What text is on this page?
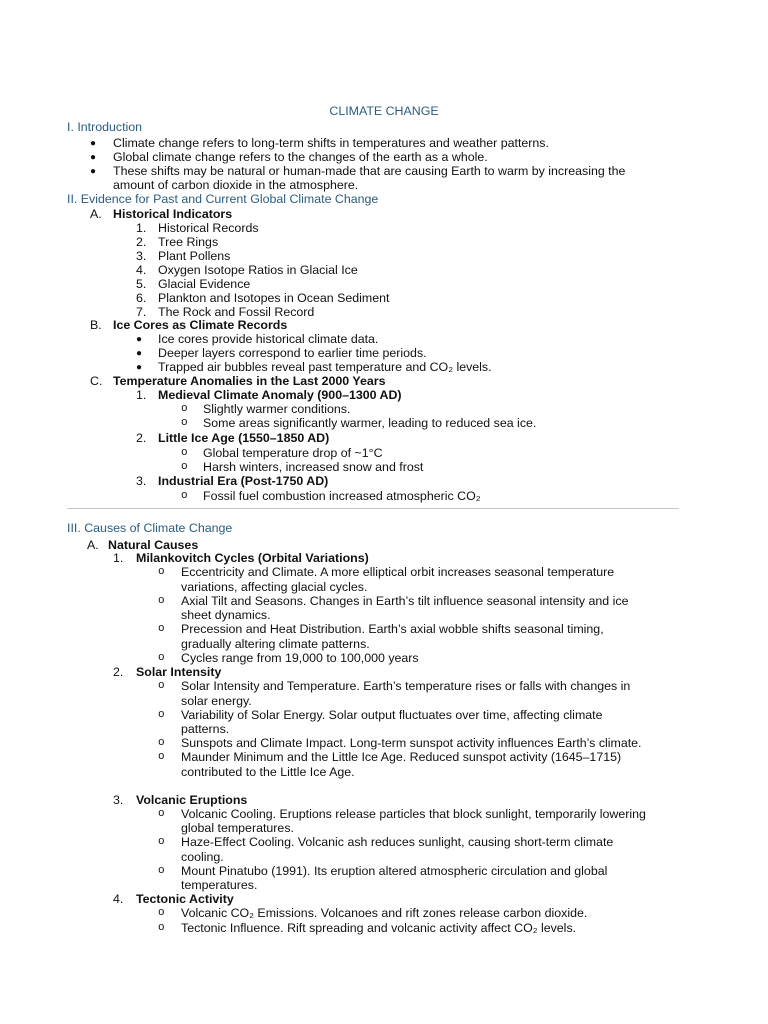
CLIMATE CHANGE
I. Introduction
● Climate change refers to long-term shifts in temperatures and weather patterns.
● Global climate change refers to the changes of the earth as a whole.
● These shifts may be natural or human-made that are causing Earth to warm by increasing the
amount of carbon dioxide in the atmosphere.
II. Evidence for Past and Current Global Climate Change
A. Historical Indicators
1. Historical Records
2. Tree Rings
3. Plant Pollens
4. Oxygen Isotope Ratios in Glacial Ice
5. Glacial Evidence
6. Plankton and Isotopes in Ocean Sediment
7. The Rock and Fossil Record
B. Ice Cores as Climate Records
● Ice cores provide historical climate data.
● Deeper layers correspond to earlier time periods.
● Trapped air bubbles reveal past temperature and CO₂ levels.
C. Temperature Anomalies in the Last 2000 Years
1. Medieval Climate Anomaly (900–1300 AD)
o Slightly warmer conditions.
o Some areas significantly warmer, leading to reduced sea ice.
2. Little Ice Age (1550–1850 AD)
o Global temperature drop of ~1°C
o Harsh winters, increased snow and frost
3. Industrial Era (Post-1750 AD)
o Fossil fuel combustion increased atmospheric CO₂
III. Causes of Climate Change
A. Natural Causes
1. Milankovitch Cycles (Orbital Variations)
o Eccentricity and Climate. A more elliptical orbit increases seasonal temperature
variations, affecting glacial cycles.
o Axial Tilt and Seasons. Changes in Earth’s tilt influence seasonal intensity and ice
sheet dynamics.
o Precession and Heat Distribution. Earth’s axial wobble shifts seasonal timing,
gradually altering climate patterns.
o Cycles range from 19,000 to 100,000 years
2. Solar Intensity
o Solar Intensity and Temperature. Earth’s temperature rises or falls with changes in
solar energy.
o Variability of Solar Energy. Solar output fluctuates over time, affecting climate
patterns.
o Sunspots and Climate Impact. Long-term sunspot activity influences Earth’s climate.
o Maunder Minimum and the Little Ice Age. Reduced sunspot activity (1645–1715)
contributed to the Little Ice Age.
3. Volcanic Eruptions
o Volcanic Cooling. Eruptions release particles that block sunlight, temporarily lowering
global temperatures.
o Haze-Effect Cooling. Volcanic ash reduces sunlight, causing short-term climate
cooling.
o Mount Pinatubo (1991). Its eruption altered atmospheric circulation and global
temperatures.
4. Tectonic Activity
o Volcanic CO₂ Emissions. Volcanoes and rift zones release carbon dioxide.
o Tectonic Influence. Rift spreading and volcanic activity affect CO₂ levels.
